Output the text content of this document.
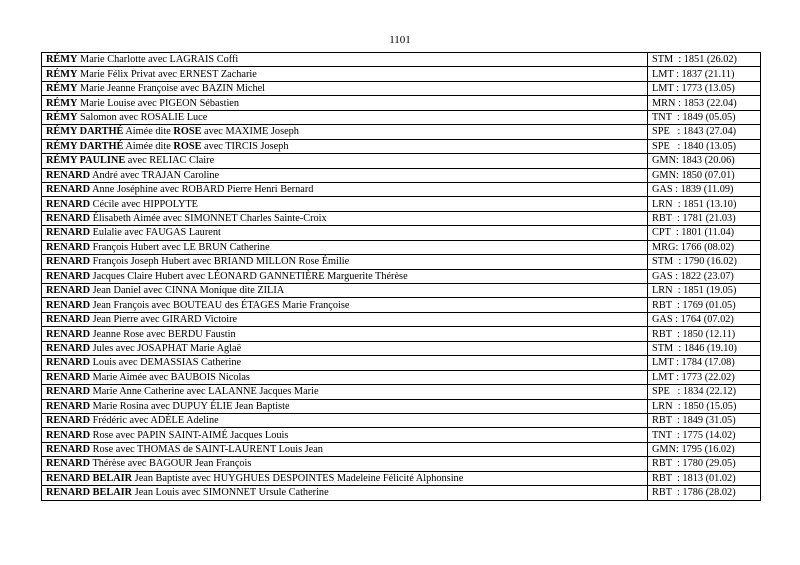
1101
RÉMY Marie Charlotte avec LAGRAIS Coffi	STM  : 1851 (26.02)
RÉMY Marie Félix Privat avec ERNEST Zacharie	LMT : 1837 (21.11)
RÉMY Marie Jeanne Françoise avec BAZIN Michel	LMT : 1773 (13.05)
RÉMY Marie Louise avec PIGEON Sébastien	MRN : 1853 (22.04)
RÉMY Salomon avec ROSALIE Luce	TNT  : 1849 (05.05)
RÉMY DARTHÉ Aimée dite ROSE avec MAXIME Joseph	SPE   : 1843 (27.04)
RÉMY DARTHÉ Aimée dite ROSE avec TIRCIS Joseph	SPE   : 1840 (13.05)
RÉMY PAULINE avec RELIAC Claire	GMN: 1843 (20.06)
RENARD André avec TRAJAN Caroline	GMN: 1850 (07.01)
RENARD Anne Joséphine avec ROBARD Pierre Henri Bernard	GAS : 1839 (11.09)
RENARD Cécile avec HIPPOLYTE	LRN  : 1851 (13.10)
RENARD Élisabeth Aimée avec SIMONNET Charles Sainte-Croix	RBT  : 1781 (21.03)
RENARD Eulalie avec FAUGAS Laurent	CPT  : 1801 (11.04)
RENARD François Hubert avec LE BRUN Catherine	MRG: 1766 (08.02)
RENARD François Joseph Hubert avec BRIAND MILLON Rose Émilie	STM  : 1790 (16.02)
RENARD Jacques Claire Hubert avec LÉONARD GANNETIÈRE Marguerite Thérèse	GAS : 1822 (23.07)
RENARD Jean Daniel avec CINNA Monique dite ZILIA	LRN  : 1851 (19.05)
RENARD Jean François avec BOUTEAU des ÉTAGES Marie Françoise	RBT  : 1769 (01.05)
RENARD Jean Pierre avec GIRARD Victoire	GAS : 1764 (07.02)
RENARD Jeanne Rose avec BERDU Faustin	RBT  : 1850 (12.11)
RENARD Jules avec JOSAPHAT Marie Aglaë	STM  : 1846 (19.10)
RENARD Louis avec DEMASSIAS Catherine	LMT : 1784 (17.08)
RENARD Marie Aimée avec BAUBOIS Nicolas	LMT : 1773 (22.02)
RENARD Marie Anne Catherine avec LALANNE Jacques Marie	SPE   : 1834 (22.12)
RENARD Marie Rosina avec DUPUY ÉLIE Jean Baptiste	LRN  : 1850 (15.05)
RENARD Frédéric avec ADÈLE Adeline	RBT  : 1849 (31.05)
RENARD Rose avec PAPIN SAINT-AIMÉ Jacques Louis	TNT  : 1775 (14.02)
RENARD Rose avec THOMAS de SAINT-LAURENT Louis Jean	GMN: 1795 (16.02)
RENARD Thérèse avec BAGOUR Jean François	RBT  : 1780 (29.05)
RENARD BELAIR Jean Baptiste avec HUYGHUES DESPOINTES Madeleine Félicité Alphonsine	RBT  : 1813 (01.02)
RENARD BELAIR Jean Louis avec SIMONNET Ursule Catherine	RBT  : 1786 (28.02)
